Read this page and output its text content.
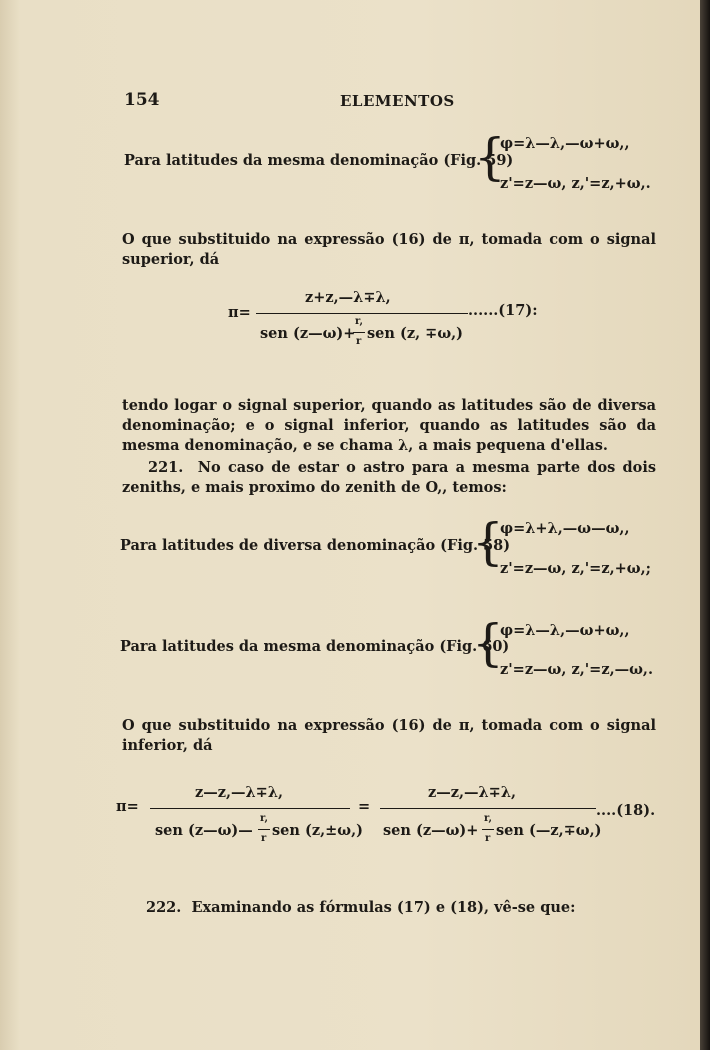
154	ELEMENTOS
Para latitudes da mesma denominação (Fig. 59)
{
φ=λ—λ,—ω+ω,,
z'=z—ω, z,'=z,+ω,.
O que substituido na expressão (16) de π, tomada com o signal superior, dá
π=
z+z,—λ∓λ,
sen (z—ω)+
r,
r sen (z, ∓ω,)
......(17):
tendo logar o signal superior, quando as latitudes são de diversa denominação; e o signal inferior, quando as latitudes são da mesma denominação, e se chama λ, a mais pequena d'ellas.
221. No caso de estar o astro para a mesma parte dos dois zeniths, e mais proximo do zenith de O,, temos:
Para latitudes de diversa denominação (Fig. 58)
{
φ=λ+λ,—ω—ω,,
z'=z—ω, z,'=z,+ω,;
Para latitudes da mesma denominação (Fig. 60)
{
φ=λ—λ,—ω+ω,,
z'=z—ω, z,'=z,—ω,.
O que substituido na expressão (16) de π, tomada com o signal inferior, dá
π=
z—z,—λ∓λ,
sen (z—ω)—
r,
r sen (z,±ω,)
=
z—z,—λ∓λ,
sen (z—ω)+
r,
r sen (—z,∓ω,)
....(18).
222. Examinando as fórmulas (17) e (18), vê-se que:
